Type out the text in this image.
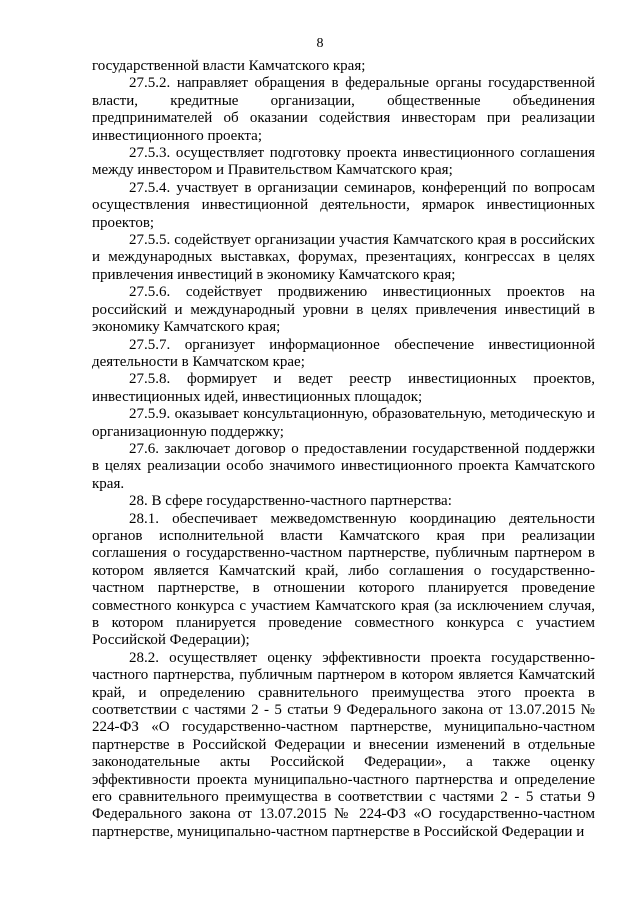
8

государственной власти Камчатского края;

27.5.2. направляет обращения в федеральные органы государственной власти, кредитные организации, общественные объединения предпринимателей об оказании содействия инвесторам при реализации инвестиционного проекта;

27.5.3. осуществляет подготовку проекта инвестиционного соглашения между инвестором и Правительством Камчатского края;

27.5.4. участвует в организации семинаров, конференций по вопросам осуществления инвестиционной деятельности, ярмарок инвестиционных проектов;

27.5.5. содействует организации участия Камчатского края в российских и международных выставках, форумах, презентациях, конгрессах в целях привлечения инвестиций в экономику Камчатского края;

27.5.6. содействует продвижению инвестиционных проектов на российский и международный уровни в целях привлечения инвестиций в экономику Камчатского края;

27.5.7. организует информационное обеспечение инвестиционной деятельности в Камчатском крае;

27.5.8. формирует и ведет реестр инвестиционных проектов, инвестиционных идей, инвестиционных площадок;

27.5.9. оказывает консультационную, образовательную, методическую и организационную поддержку;

27.6. заключает договор о предоставлении государственной поддержки в целях реализации особо значимого инвестиционного проекта Камчатского края.

28. В сфере государственно-частного партнерства:

28.1. обеспечивает межведомственную координацию деятельности органов исполнительной власти Камчатского края при реализации соглашения о государственно-частном партнерстве, публичным партнером в котором является Камчатский край, либо соглашения о государственно-частном партнерстве, в отношении которого планируется проведение совместного конкурса с участием Камчатского края (за исключением случая, в котором планируется проведение совместного конкурса с участием Российской Федерации);

28.2. осуществляет оценку эффективности проекта государственно-частного партнерства, публичным партнером в котором является Камчатский край, и определению сравнительного преимущества этого проекта в соответствии с частями 2 - 5 статьи 9 Федерального закона от 13.07.2015 № 224-ФЗ «О государственно-частном партнерстве, муниципально-частном партнерстве в Российской Федерации и внесении изменений в отдельные законодательные акты Российской Федерации», а также оценку эффективности проекта муниципально-частного партнерства и определение его сравнительного преимущества в соответствии с частями 2 - 5 статьи 9 Федерального закона от 13.07.2015 № 224-ФЗ «О государственно-частном партнерстве, муниципально-частном партнерстве в Российской Федерации и
